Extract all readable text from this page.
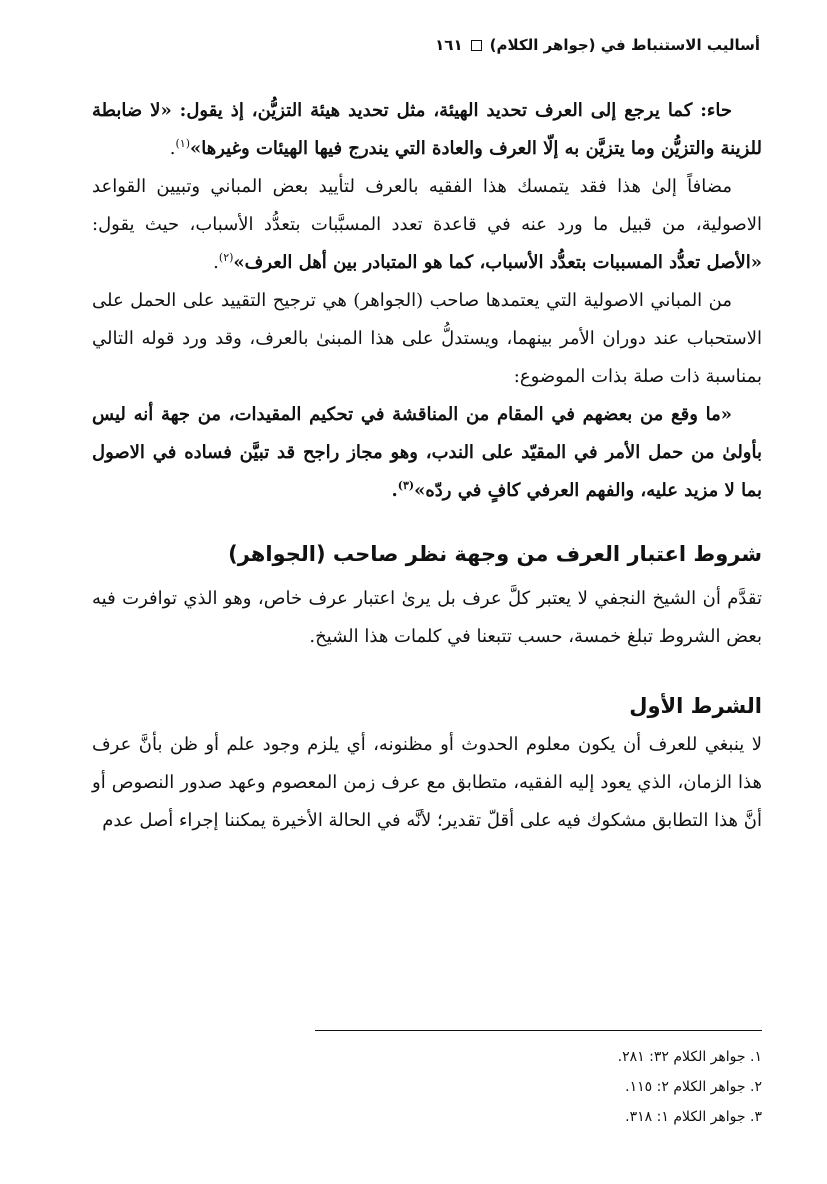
أساليب الاستنباط في (جواهر الكلام)
١٦١

حاء: كما يرجع إلى العرف تحديد الهيئة، مثل تحديد هيئة التزيُّن، إذ يقول: «لا ضابطة للزينة والتزيُّن وما يتزيَّن به إلّا العرف والعادة التي يندرج فيها الهيئات وغيرها»$^{(١)}$.

مضافاً إلىٰ هذا فقد يتمسك هذا الفقيه بالعرف لتأييد بعض المباني وتبيين القواعد الاصولية، من قبيل ما ورد عنه في قاعدة تعدد المسبَّبات بتعدُّد الأسباب، حيث يقول: «الأصل تعدُّد المسببات بتعدُّد الأسباب، كما هو المتبادر بين أهل العرف»$^{(٢)}$.

من المباني الاصولية التي يعتمدها صاحب (الجواهر) هي ترجيح التقييد على الحمل على الاستحباب عند دوران الأمر بينهما، ويستدلُّ على هذا المبنىٰ بالعرف، وقد ورد قوله التالي بمناسبة ذات صلة بذات الموضوع:

«ما وقع من بعضهم في المقام من المناقشة في تحكيم المقيدات، من جهة أنه ليس بأولىٰ من حمل الأمر في المقيّد على الندب، وهو مجاز راجح قد تبيَّن فساده في الاصول بما لا مزيد عليه، والفهم العرفي كافٍ في ردّه»$^{(٣)}$.

شروط اعتبار العرف من وجهة نظر صاحب (الجواهر)

تقدَّم أن الشيخ النجفي لا يعتبر كلَّ عرف بل يرىٰ اعتبار عرف خاص، وهو الذي توافرت فيه بعض الشروط تبلغ خمسة، حسب تتبعنا في كلمات هذا الشيخ.

الشرط الأول

لا ينبغي للعرف أن يكون معلوم الحدوث أو مظنونه، أي يلزم وجود علم أو ظن بأنَّ عرف هذا الزمان، الذي يعود إليه الفقيه، متطابق مع عرف زمن المعصوم وعهد صدور النصوص أو أنَّ هذا التطابق مشكوك فيه على أقلّ تقدير؛ لأنَّه في الحالة الأخيرة يمكننا إجراء أصل عدم

١. جواهر الكلام ٣٢: ٢٨١.
٢. جواهر الكلام ٢: ١١٥.
٣. جواهر الكلام ١: ٣١٨.
